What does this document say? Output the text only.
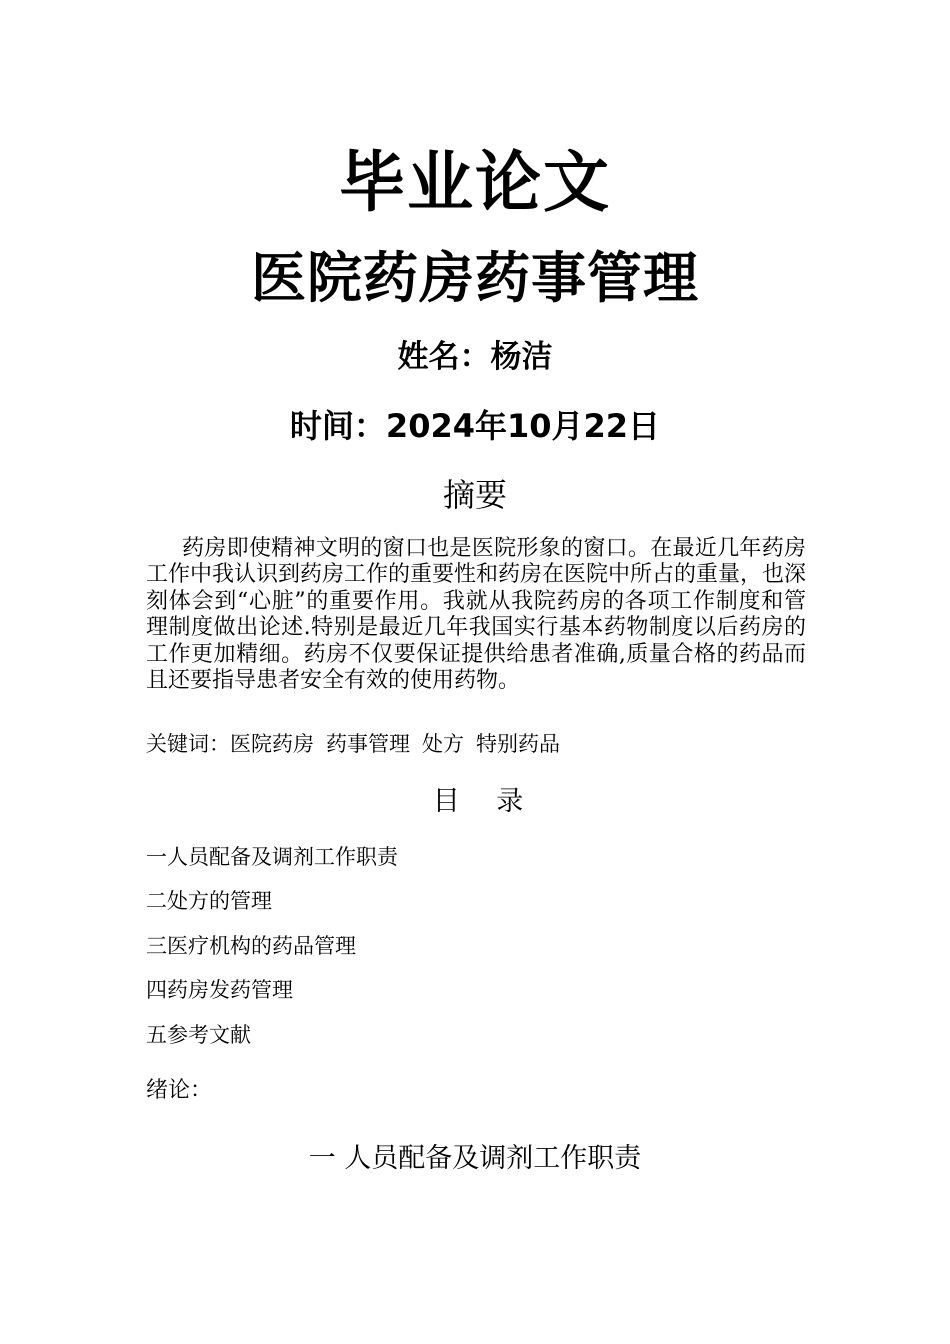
毕业论文
医院药房药事管理
姓名：杨洁
时间：2024年10月22日
摘要
药房即使精神文明的窗口也是医院形象的窗口。在最近几年药房工作中我认识到药房工作的重要性和药房在医院中所占的重量，也深刻体会到“心脏”的重要作用。我就从我院药房的各项工作制度和管理制度做出论述.特别是最近几年我国实行基本药物制度以后药房的工作更加精细。药房不仅要保证提供给患者准确,质量合格的药品而且还要指导患者安全有效的使用药物。
关键词：医院药房 药事管理 处方 特别药品
目 录
一人员配备及调剂工作职责
二处方的管理
三医疗机构的药品管理
四药房发药管理
五参考文献
绪论：
一 人员配备及调剂工作职责
